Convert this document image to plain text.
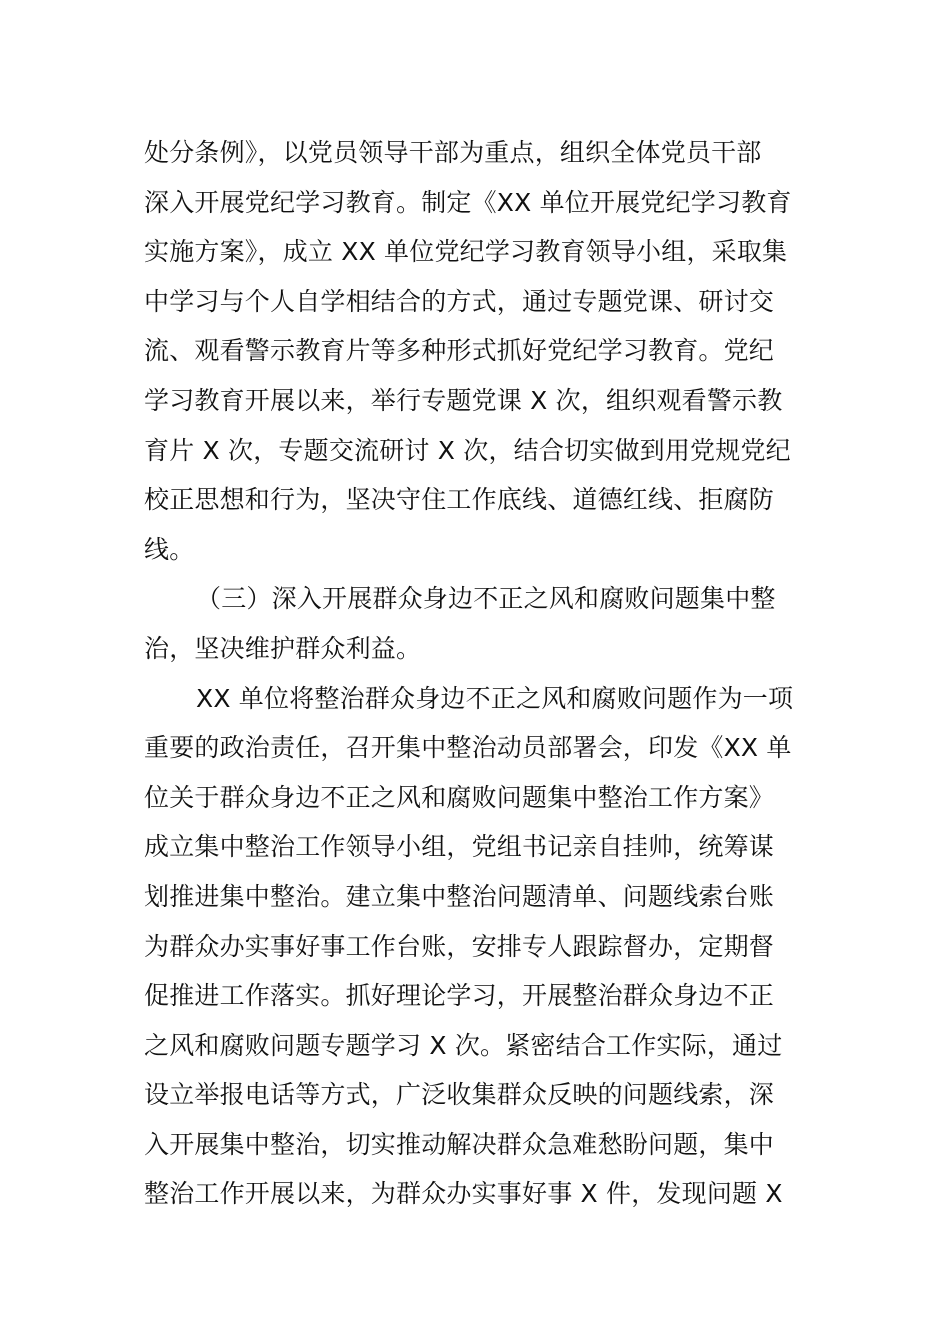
处分条例》，以党员领导干部为重点，组织全体党员干部
深入开展党纪学习教育。制定《XX 单位开展党纪学习教育
实施方案》，成立 XX 单位党纪学习教育领导小组，采取集
中学习与个人自学相结合的方式，通过专题党课、研讨交
流、观看警示教育片等多种形式抓好党纪学习教育。党纪
学习教育开展以来，举行专题党课 X 次，组织观看警示教
育片 X 次，专题交流研讨 X 次，结合切实做到用党规党纪
校正思想和行为，坚决守住工作底线、道德红线、拒腐防
线。
（三）深入开展群众身边不正之风和腐败问题集中整
治，坚决维护群众利益。
XX 单位将整治群众身边不正之风和腐败问题作为一项
重要的政治责任，召开集中整治动员部署会，印发《XX 单
位关于群众身边不正之风和腐败问题集中整治工作方案》
成立集中整治工作领导小组，党组书记亲自挂帅，统筹谋
划推进集中整治。建立集中整治问题清单、问题线索台账
为群众办实事好事工作台账，安排专人跟踪督办，定期督
促推进工作落实。抓好理论学习，开展整治群众身边不正
之风和腐败问题专题学习 X 次。紧密结合工作实际，通过
设立举报电话等方式，广泛收集群众反映的问题线索，深
入开展集中整治，切实推动解决群众急难愁盼问题，集中
整治工作开展以来，为群众办实事好事 X 件，发现问题 X
